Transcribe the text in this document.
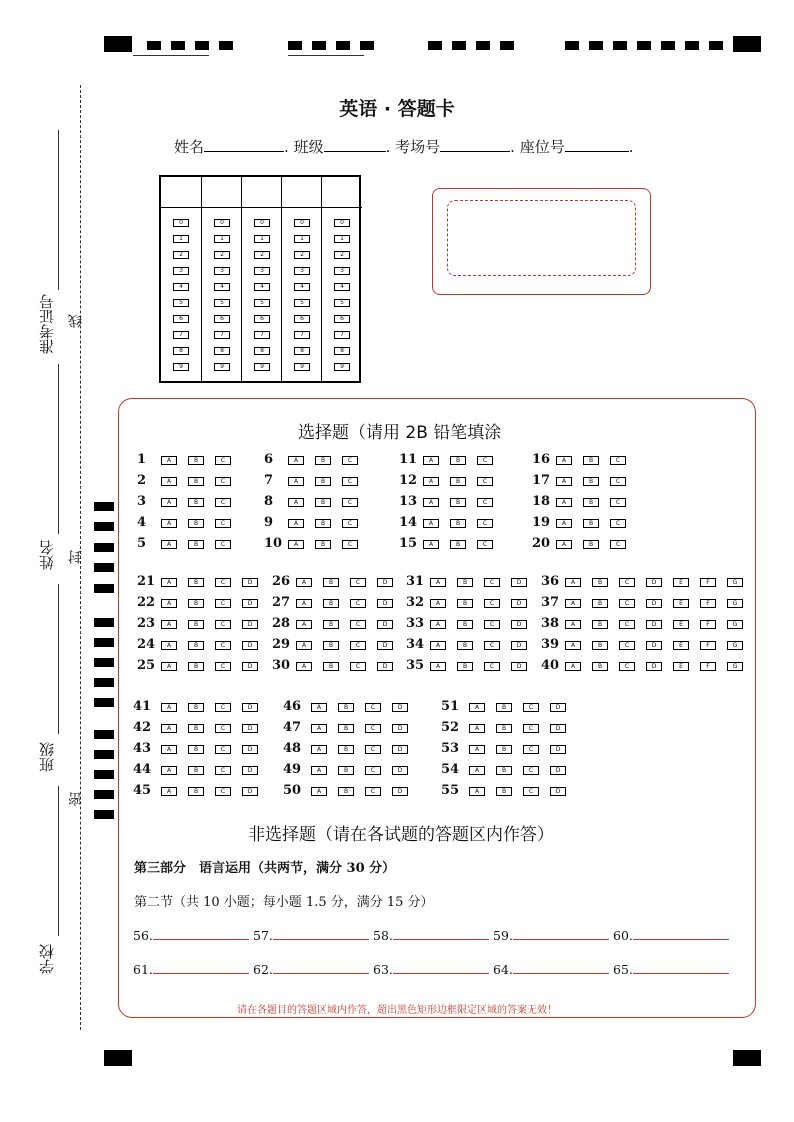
准考证号
姓名
班级
学校
线
封
密
英语 · 答题卡
姓名	. 班级	. 考场号	. 座位号	.
0
1
2
3
4
5
6
7
8
9
0
1
2
3
4
5
6
7
8
9
0
1
2
3
4
5
6
7
8
9
0
1
2
3
4
5
6
7
8
9
0
1
2
3
4
5
6
7
8
9
选择题（请用 2B 铅笔填涂
1	A	B	C
2	A	B	C
3	A	B	C
4	A	B	C
5	A	B	C
6	A	B	C
7	A	B	C
8	A	B	C
9	A	B	C
10	A	B	C
11	A	B	C
12	A	B	C
13	A	B	C
14	A	B	C
15	A	B	C
16	A	B	C
17	A	B	C
18	A	B	C
19	A	B	C
20	A	B	C
21	A	B	C	D
22	A	B	C	D
23	A	B	C	D
24	A	B	C	D
25	A	B	C	D
26	A	B	C	D
27	A	B	C	D
28	A	B	C	D
29	A	B	C	D
30	A	B	C	D
31	A	B	C	D
32	A	B	C	D
33	A	B	C	D
34	A	B	C	D
35	A	B	C	D
36	A	B	C	D	E	F	G
37	A	B	C	D	E	F	G
38	A	B	C	D	E	F	G
39	A	B	C	D	E	F	G
40	A	B	C	D	E	F	G
41	A	B	C	D
42	A	B	C	D
43	A	B	C	D
44	A	B	C	D
45	A	B	C	D
46	A	B	C	D
47	A	B	C	D
48	A	B	C	D
49	A	B	C	D
50	A	B	C	D
51	A	B	C	D
52	A	B	C	D
53	A	B	C	D
54	A	B	C	D
55	A	B	C	D
非选择题（请在各试题的答题区内作答）
第三部分　语言运用（共两节，满分 30 分）
第二节（共 10 小题；每小题 1.5 分，满分 15 分）
56.	57.	58.	59.	60.
61.	62.	63.	64.	65.
请在各题目的答题区域内作答，超出黑色矩形边框限定区域的答案无效！
